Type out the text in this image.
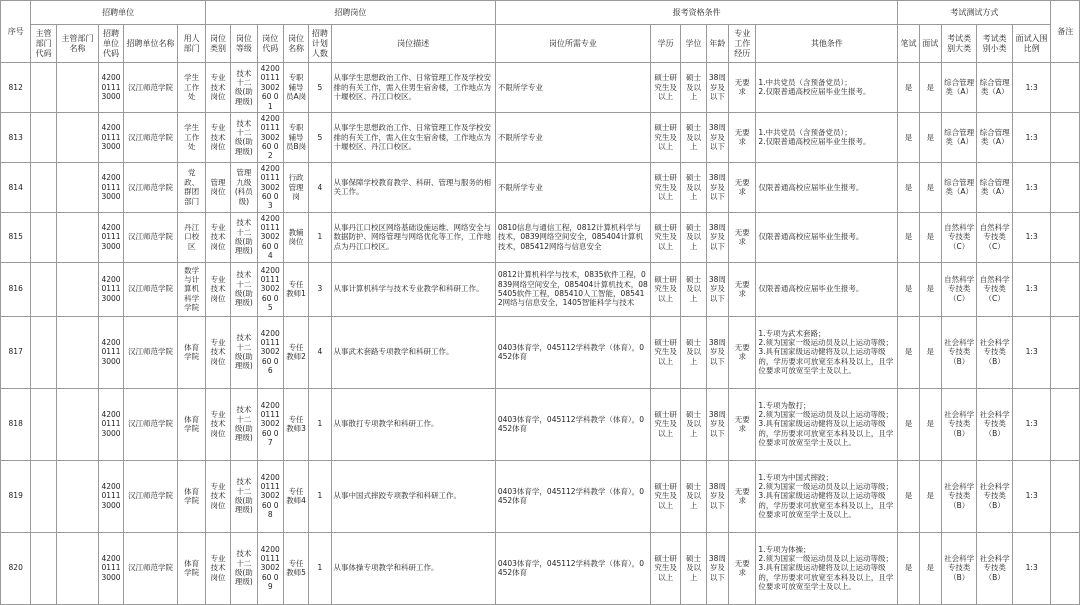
序号	招聘单位					招聘岗位						报考资格条件						考试测试方式					备注
	主管部门代码	主管部门名称	招聘单位代码	招聘单位名称	用人部门	岗位类别	岗位等级	岗位代码	岗位名称	招聘计划人数	岗位描述	岗位所需专业	学历	学位	年龄	专业工作经历	其他条件	笔试	面试	考试类别大类	考试类别小类	面试入围比例	
812			42000111 3000	汉江师范学院	学生工作处	专业技术岗位	技术十二级(助理级)	42000111300260 01	专职辅导员A岗	5	从事学生思想政治工作、日常管理工作及学校安排的有关工作，需入住男生宿舍楼，工作地点为十堰校区、丹江口校区。	不限所学专业	硕士研究生及以上	硕士及以上	38周岁及以下	无要求	1.中共党员（含预备党员）；
2.仅限普通高校应届毕业生报考。	是	是	综合管理类（A）	综合管理类（A）	1:3	
813			42000111 3000	汉江师范学院	学生工作处	专业技术岗位	技术十二级(助理级)	42000111300260 02	专职辅导员B岗	5	从事学生思想政治工作、日常管理工作及学校安排的有关工作，需入住女生宿舍楼，工作地点为十堰校区、丹江口校区。	不限所学专业	硕士研究生及以上	硕士及以上	38周岁及以下	无要求	1.中共党员（含预备党员）；
2.仅限普通高校应届毕业生报考。	是	是	综合管理类（A）	综合管理类（A）	1:3	
814			42000111 3000	汉江师范学院	党政、群团部门	管理岗位	管理九级(科员级)	42000111300260 03	行政管理岗	4	从事保障学校教育教学、科研、管理与服务的相关工作。	不限所学专业	硕士研究生及以上	硕士及以上	38周岁及以下	无要求	仅限普通高校应届毕业生报考。	是	是	综合管理类（A）	综合管理类（A）	1:3	
815			42000111 3000	汉江师范学院	丹江口校区	专业技术岗位	技术十二级(助理级)	42000111300260 04	教辅岗位	1	从事丹江口校区网络基础设施运维、网络安全与数据防护、网络管理与网络优化等工作，工作地点为丹江口校区。	0810信息与通信工程，0812计算机科学与技术，0839网络空间安全，085404计算机技术，085412网络与信息安全	硕士研究生及以上	硕士及以上	38周岁及以下	无要求	仅限普通高校应届毕业生报考。	是	是	自然科学专技类（C）	自然科学专技类（C）	1:3	
816			42000111 3000	汉江师范学院	数学与计算机科学学院	专业技术岗位	技术十二级(助理级)	42000111300260 05	专任教师1	3	从事计算机科学与技术专业教学和科研工作。	0812计算机科学与技术，0835软件工程，0839网络空间安全，085404计算机技术，085405软件工程，085410人工智能，085412网络与信息安全，1405智能科学与技术	硕士研究生及以上	硕士及以上	38周岁及以下	无要求	仅限普通高校应届毕业生报考。	是	是	自然科学专技类（C）	自然科学专技类（C）	1:3	
817			42000111 3000	汉江师范学院	体育学院	专业技术岗位	技术十二级(助理级)	42000111300260 06	专任教师2	4	从事武术套路专项教学和科研工作。	0403体育学，045112学科教学（体育），0452体育	硕士研究生及以上	硕士及以上	38周岁及以下	无要求	1.专项为武术套路；
2.须为国家一级运动员及以上运动等级；
3.具有国家级运动健将及以上运动等级的，学历要求可放宽至本科及以上，且学位要求可放宽至学士及以上。	是	是	社会科学专技类（B）	社会科学专技类（B）	1:3	
818			42000111 3000	汉江师范学院	体育学院	专业技术岗位	技术十二级(助理级)	42000111300260 07	专任教师3	1	从事散打专项教学和科研工作。	0403体育学，045112学科教学（体育），0452体育	硕士研究生及以上	硕士及以上	38周岁及以下	无要求	1.专项为散打；
2.须为国家一级运动员及以上运动等级；
3.具有国家级运动健将及以上运动等级的，学历要求可放宽至本科及以上，且学位要求可放宽至学士及以上。	是	是	社会科学专技类（B）	社会科学专技类（B）	1:3	
819			42000111 3000	汉江师范学院	体育学院	专业技术岗位	技术十二级(助理级)	42000111300260 08	专任教师4	1	从事中国式摔跤专项教学和科研工作。	0403体育学，045112学科教学（体育），0452体育	硕士研究生及以上	硕士及以上	38周岁及以下	无要求	1.专项为中国式摔跤；
2.须为国家一级运动员及以上运动等级；
3.具有国家级运动健将及以上运动等级的，学历要求可放宽至本科及以上，且学位要求可放宽至学士及以上。	是	是	社会科学专技类（B）	社会科学专技类（B）	1:3	
820			42000111 3000	汉江师范学院	体育学院	专业技术岗位	技术十二级(助理级)	42000111300260 09	专任教师5	1	从事体操专项教学和科研工作。	0403体育学，045112学科教学（体育），0452体育	硕士研究生及以上	硕士及以上	38周岁及以下	无要求	1.专项为体操；
2.须为国家一级运动员及以上运动等级；
3.具有国家级运动健将及以上运动等级的，学历要求可放宽至本科及以上，且学位要求可放宽至学士及以上。	是	是	社会科学专技类（B）	社会科学专技类（B）	1:3	
